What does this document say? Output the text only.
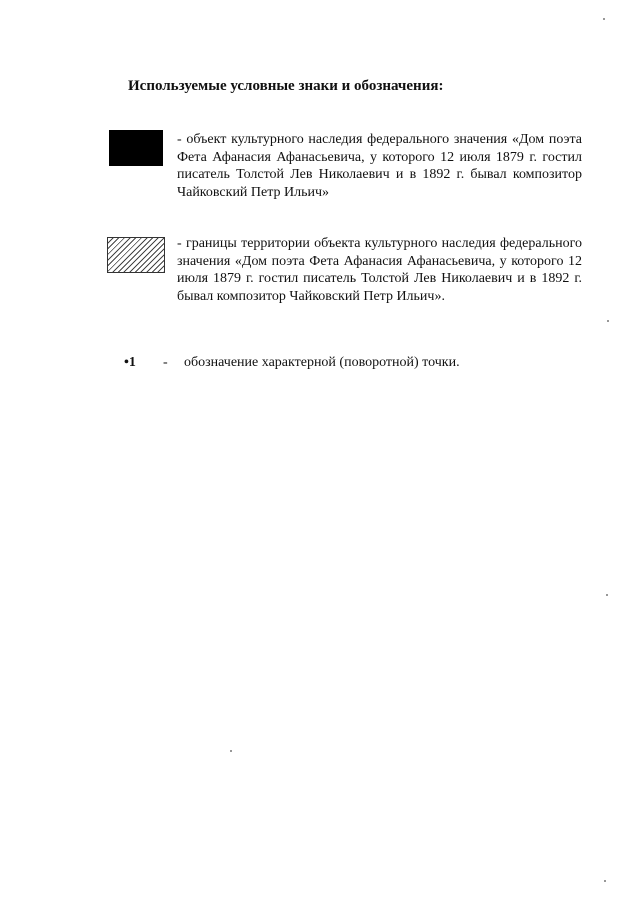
Используемые условные знаки и обозначения:
- объект культурного наследия федерального значения «Дом поэта Фета Афанасия Афанасьевича, у которого 12 июля 1879 г. гостил писатель Толстой Лев Николаевич и в 1892 г. бывал композитор Чайковский Петр Ильич»
- границы территории объекта культурного наследия федерального значения «Дом поэта Фета Афанасия Афанасьевича, у которого 12 июля 1879 г. гостил писатель Толстой Лев Николаевич и в 1892 г. бывал композитор Чайковский Петр Ильич».
•1 - обозначение характерной (поворотной) точки.
